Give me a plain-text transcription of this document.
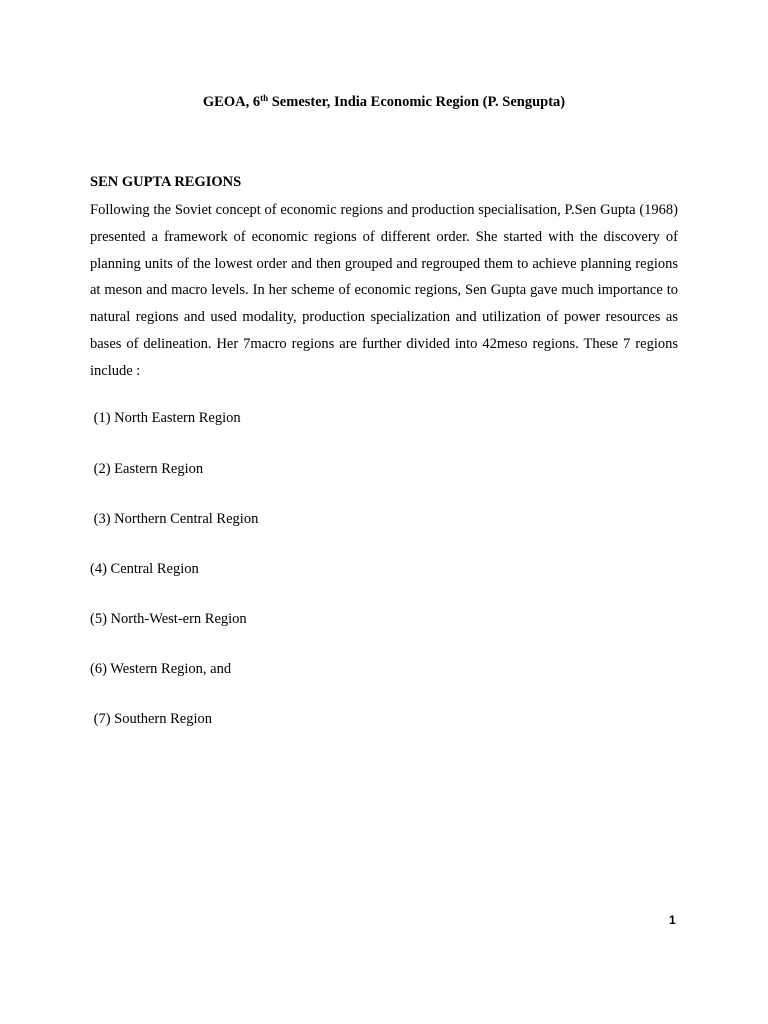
GEOA, 6th Semester, India Economic Region (P. Sengupta)
SEN GUPTA REGIONS

Following the Soviet concept of economic regions and production specialisation, P.Sen Gupta (1968) presented a framework of economic regions of different order. She started with the discovery of planning units of the lowest order and then grouped and regrouped them to achieve planning regions at meson and macro levels. In her scheme of economic regions, Sen Gupta gave much importance to natural regions and used modality, production specialization and utilization of power resources as bases of delineation. Her 7macro regions are further divided into 42meso regions. These 7 regions include :

(1) North Eastern Region
(2) Eastern Region
(3) Northern Central Region
(4) Central Region
(5) North-West-ern Region
(6) Western Region, and
(7) Southern Region
1
